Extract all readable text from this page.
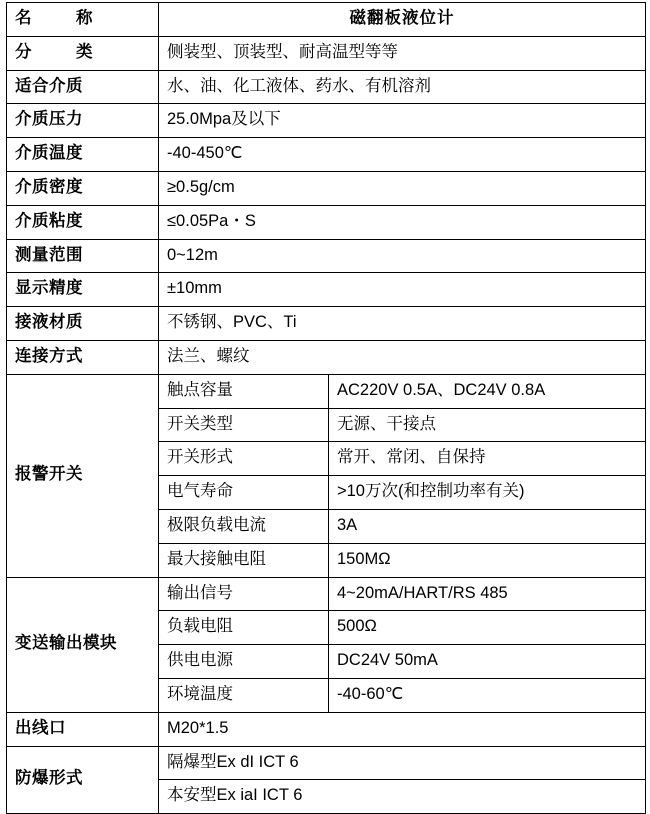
名 称	磁翻板液位计	
分 类	侧装型、顶装型、耐高温型等等	
适合介质	水、油、化工液体、药水、有机溶剂	
介质压力	25.0Mpa及以下	
介质温度	-40-450℃	
介质密度	≥0.5g/cm	
介质粘度	≤0.05Pa・S	
测量范围	0~12m	
显示精度	±10mm	
接液材质	不锈钢、PVC、Ti	
连接方式	法兰、螺纹	
报警开关	触点容量	AC220V 0.5A、DC24V 0.8A
	开关类型	无源、干接点
	开关形式	常开、常闭、自保持
	电气寿命	>10万次(和控制功率有关)
	极限负载电流	3A
	最大接触电阻	150MΩ
变送输出模块	输出信号	4~20mA/HART/RS 485
	负载电阻	500Ω
	供电电源	DC24V 50mA
	环境温度	-40-60℃
出线口	M20*1.5	
防爆形式	隔爆型Ex dI ICT 6	
	本安型Ex iaI ICT 6	
